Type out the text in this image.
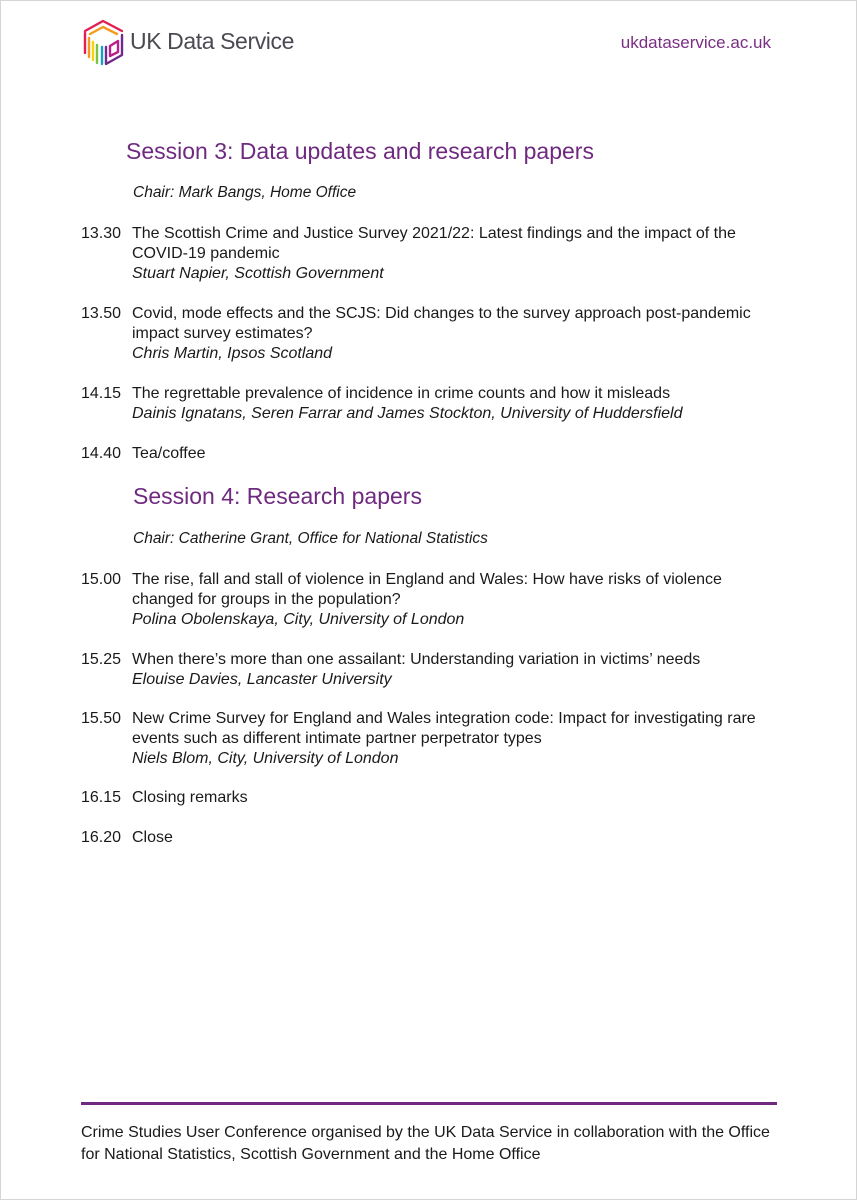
UK Data Service	ukdataservice.ac.uk
Session 3: Data updates and research papers
Chair: Mark Bangs, Home Office
13.30 The Scottish Crime and Justice Survey 2021/22: Latest findings and the impact of the COVID-19 pandemic
Stuart Napier, Scottish Government
13.50 Covid, mode effects and the SCJS: Did changes to the survey approach post-pandemic impact survey estimates?
Chris Martin, Ipsos Scotland
14.15 The regrettable prevalence of incidence in crime counts and how it misleads
Dainis Ignatans, Seren Farrar and James Stockton, University of Huddersfield
14.40 Tea/coffee
Session 4: Research papers
Chair: Catherine Grant, Office for National Statistics
15.00 The rise, fall and stall of violence in England and Wales: How have risks of violence changed for groups in the population?
Polina Obolenskaya, City, University of London
15.25 When there’s more than one assailant: Understanding variation in victims’ needs
Elouise Davies, Lancaster University
15.50 New Crime Survey for England and Wales integration code: Impact for investigating rare events such as different intimate partner perpetrator types
Niels Blom, City, University of London
16.15 Closing remarks
16.20 Close
Crime Studies User Conference organised by the UK Data Service in collaboration with the Office for National Statistics, Scottish Government and the Home Office
